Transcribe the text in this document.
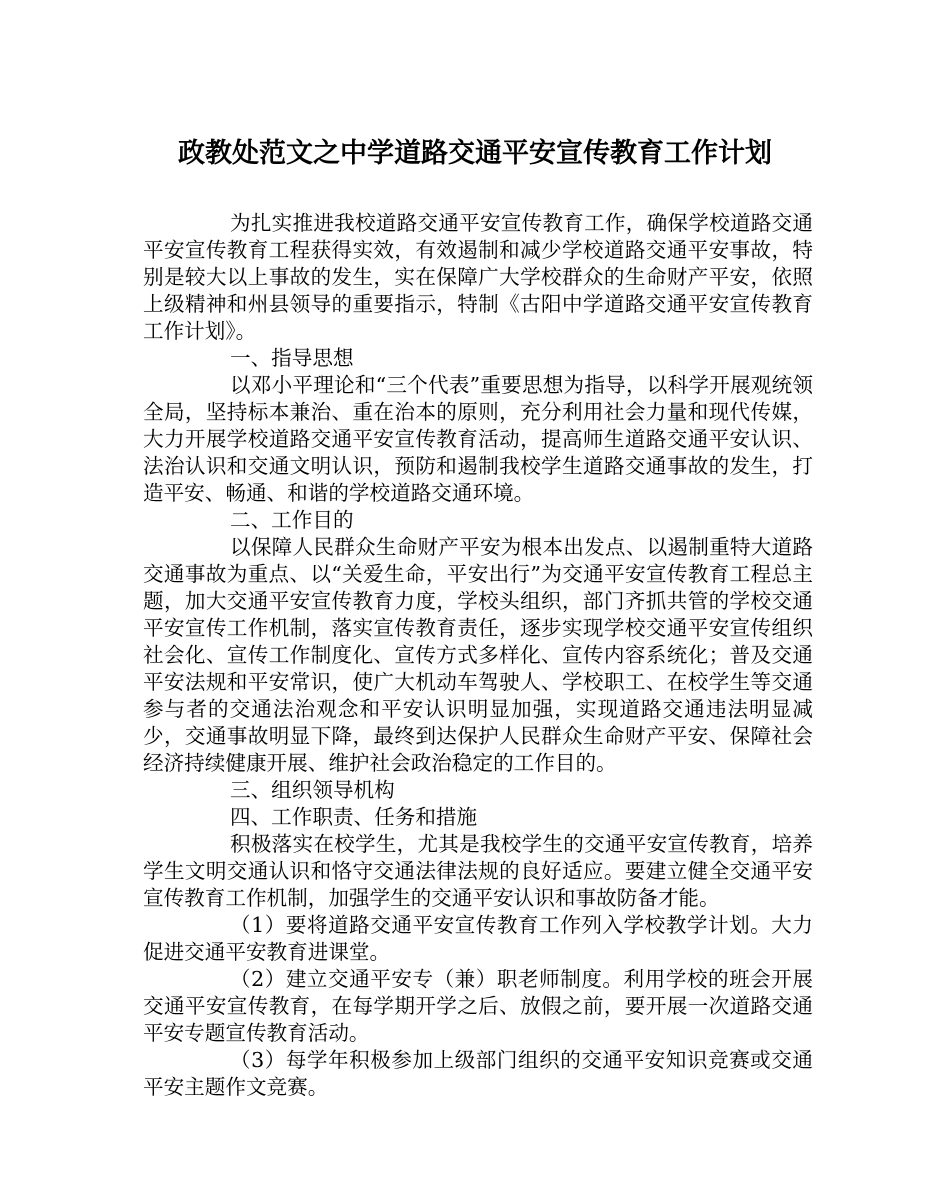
政教处范文之中学道路交通平安宣传教育工作计划

为扎实推进我校道路交通平安宣传教育工作，确保学校道路交通平安宣传教育工程获得实效，有效遏制和减少学校道路交通平安事故，特别是较大以上事故的发生，实在保障广大学校群众的生命财产平安，依照上级精神和州县领导的重要指示，特制《古阳中学道路交通平安宣传教育工作计划》。

一、指导思想

以邓小平理论和“三个代表”重要思想为指导，以科学开展观统领全局，坚持标本兼治、重在治本的原则，充分利用社会力量和现代传媒，大力开展学校道路交通平安宣传教育活动，提高师生道路交通平安认识、法治认识和交通文明认识，预防和遏制我校学生道路交通事故的发生，打造平安、畅通、和谐的学校道路交通环境。

二、工作目的

以保障人民群众生命财产平安为根本出发点、以遏制重特大道路交通事故为重点、以“关爱生命，平安出行”为交通平安宣传教育工程总主题，加大交通平安宣传教育力度，学校头组织，部门齐抓共管的学校交通平安宣传工作机制，落实宣传教育责任，逐步实现学校交通平安宣传组织社会化、宣传工作制度化、宣传方式多样化、宣传内容系统化；普及交通平安法规和平安常识，使广大机动车驾驶人、学校职工、在校学生等交通参与者的交通法治观念和平安认识明显加强，实现道路交通违法明显减少，交通事故明显下降，最终到达保护人民群众生命财产平安、保障社会经济持续健康开展、维护社会政治稳定的工作目的。

三、组织领导机构

四、工作职责、任务和措施

积极落实在校学生，尤其是我校学生的交通平安宣传教育，培养学生文明交通认识和恪守交通法律法规的良好适应。要建立健全交通平安宣传教育工作机制，加强学生的交通平安认识和事故防备才能。

（1）要将道路交通平安宣传教育工作列入学校教学计划。大力促进交通平安教育进课堂。

（2）建立交通平安专（兼）职老师制度。利用学校的班会开展交通平安宣传教育，在每学期开学之后、放假之前，要开展一次道路交通平安专题宣传教育活动。

（3）每学年积极参加上级部门组织的交通平安知识竞赛或交通平安主题作文竞赛。
